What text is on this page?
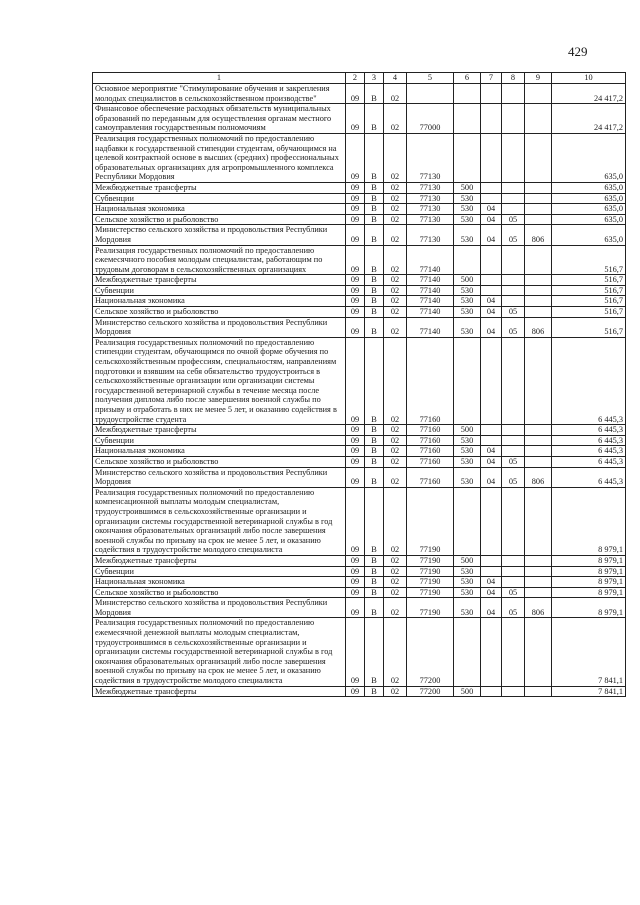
429
1	2	3	4	5	6	7	8	9	10
Основное мероприятие "Стимулирование обучения и закрепления молодых специалистов в сельскохозяйственном производстве"	09	В	02						24 417,2
Финансовое обеспечение расходных обязательств муниципальных образований по переданным для осуществления органам местного самоуправления государственным полномочиям	09	В	02	77000					24 417,2
Реализация государственных полномочий по предоставлению надбавки к государственной стипендии студентам, обучающимся на целевой контрактной основе в высших (средних) профессиональных образовательных организациях для агропромышленного комплекса Республики Мордовия	09	В	02	77130					635,0
Межбюджетные трансферты	09	В	02	77130	500				635,0
Субвенции	09	В	02	77130	530				635,0
Национальная экономика	09	В	02	77130	530	04			635,0
Сельское хозяйство и рыболовство	09	В	02	77130	530	04	05		635,0
Министерство сельского хозяйства и продовольствия Республики Мордовия	09	В	02	77130	530	04	05	806	635,0
Реализация государственных полномочий по предоставлению ежемесячного пособия молодым специалистам, работающим по трудовым договорам в сельскохозяйственных организациях	09	В	02	77140					516,7
Межбюджетные трансферты	09	В	02	77140	500				516,7
Субвенции	09	В	02	77140	530				516,7
Национальная экономика	09	В	02	77140	530	04			516,7
Сельское хозяйство и рыболовство	09	В	02	77140	530	04	05		516,7
Министерство сельского хозяйства и продовольствия Республики Мордовия	09	В	02	77140	530	04	05	806	516,7
Реализация государственных полномочий по предоставлению стипендии студентам, обучающимся по очной форме обучения по сельскохозяйственным профессиям, специальностям, направлениям подготовки и взявшим на себя обязательство трудоустроиться в сельскохозяйственные организации или организации системы государственной ветеринарной службы в течение месяца после получения диплома либо после завершения военной службы по призыву и отработать в них не менее 5 лет, и оказанию содействия в трудоустройстве студента	09	В	02	77160					6 445,3
Межбюджетные трансферты	09	В	02	77160	500				6 445,3
Субвенции	09	В	02	77160	530				6 445,3
Национальная экономика	09	В	02	77160	530	04			6 445,3
Сельское хозяйство и рыболовство	09	В	02	77160	530	04	05		6 445,3
Министерство сельского хозяйства и продовольствия Республики Мордовия	09	В	02	77160	530	04	05	806	6 445,3
Реализация государственных полномочий по предоставлению компенсационной выплаты молодым специалистам, трудоустроившимся в сельскохозяйственные организации и организации системы государственной ветеринарной службы в год окончания образовательных организаций либо после завершения военной службы по призыву на срок не менее 5 лет, и оказанию содействия в трудоустройстве молодого специалиста	09	В	02	77190					8 979,1
Межбюджетные трансферты	09	В	02	77190	500				8 979,1
Субвенции	09	В	02	77190	530				8 979,1
Национальная экономика	09	В	02	77190	530	04			8 979,1
Сельское хозяйство и рыболовство	09	В	02	77190	530	04	05		8 979,1
Министерство сельского хозяйства и продовольствия Республики Мордовия	09	В	02	77190	530	04	05	806	8 979,1
Реализация государственных полномочий по предоставлению ежемесячной денежной выплаты молодым специалистам, трудоустроившимся в сельскохозяйственные организации и организации системы государственной ветеринарной службы в год окончания образовательных организаций либо после завершения военной службы по призыву на срок не менее 5 лет, и оказанию содействия в трудоустройстве молодого специалиста	09	В	02	77200					7 841,1
Межбюджетные трансферты	09	В	02	77200	500				7 841,1
